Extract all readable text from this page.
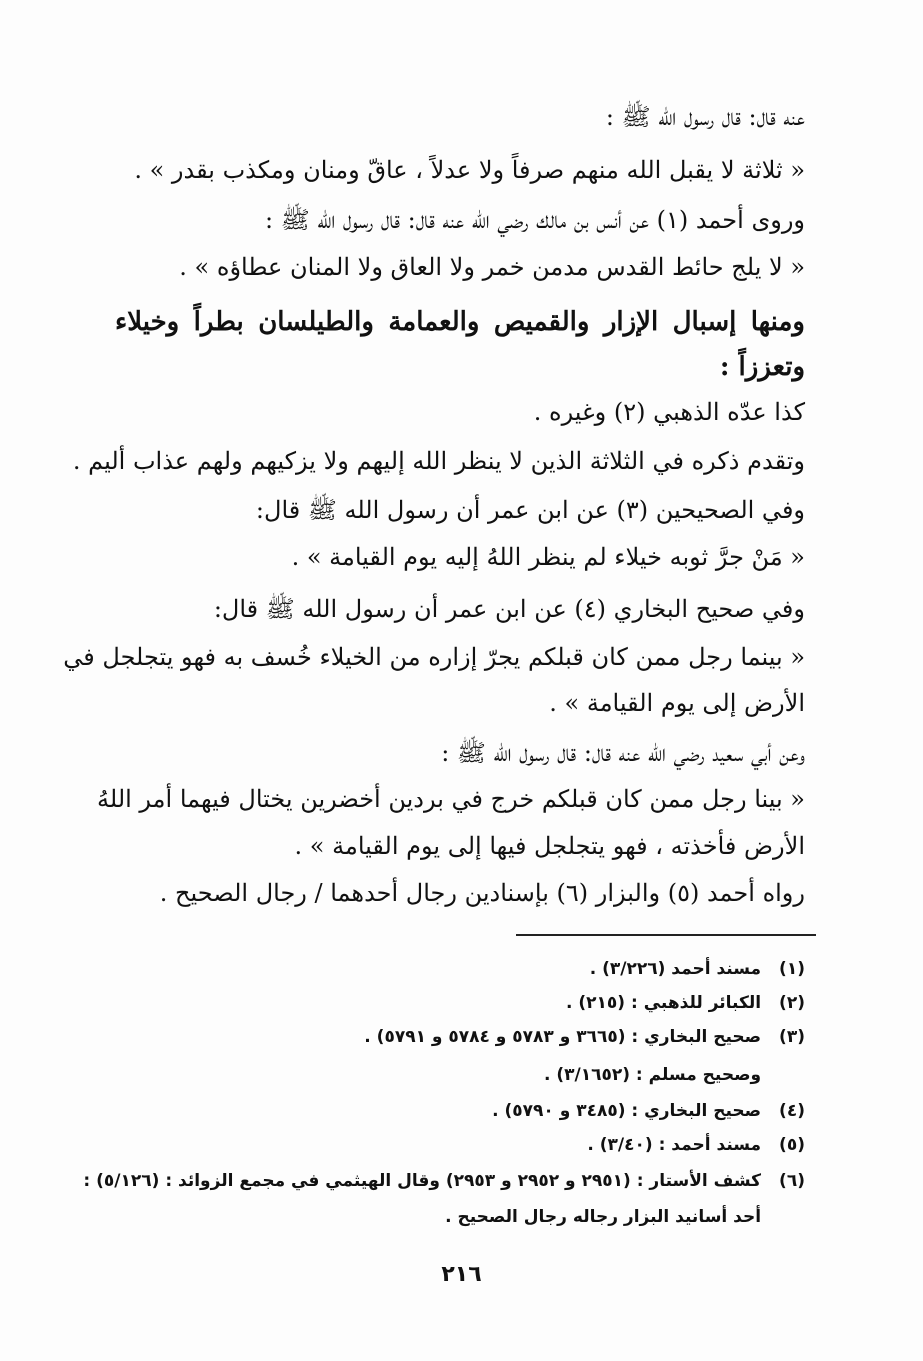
عنه قال: قال رسول الله ﷺ :
« ثلاثة لا يقبل الله منهم صرفاً ولا عدلاً ، عاقّ ومنان ومكذب بقدر » .
وروى أحمد (١) عن أنس بن مالك رضي الله عنه قال: قال رسول الله ﷺ :
« لا يلج حائط القدس مدمن خمر ولا العاق ولا المنان عطاؤه » .
ومنها إسبال الإزار والقميص والعمامة والطيلسان بطراً وخيلاء
وتعززاً :
كذا عدّه الذهبي (٢) وغيره .
وتقدم ذكره في الثلاثة الذين لا ينظر الله إليهم ولا يزكيهم ولهم عذاب أليم .
وفي الصحيحين (٣) عن ابن عمر أن رسول الله ﷺ قال:
« مَنْ جرَّ ثوبه خيلاء لم ينظر اللهُ إليه يوم القيامة » .
وفي صحيح البخاري (٤) عن ابن عمر أن رسول الله ﷺ قال:
« بينما رجل ممن كان قبلكم يجرّ إزاره من الخيلاء خُسف به فهو يتجلجل في
الأرض إلى يوم القيامة » .
وعن أبي سعيد رضي الله عنه قال: قال رسول الله ﷺ :
« بينا رجل ممن كان قبلكم خرج في بردين أخضرين يختال فيهما أمر اللهُ
الأرض فأخذته ، فهو يتجلجل فيها إلى يوم القيامة » .
رواه أحمد (٥) والبزار (٦) بإسنادين رجال أحدهما / رجال الصحيح .
(١) مسند أحمد (٣/٢٢٦) .
(٢) الكبائر للذهبي : (٢١٥) .
(٣) صحيح البخاري : (٣٦٦٥ و ٥٧٨٣ و ٥٧٨٤ و ٥٧٩١) .
وصحيح مسلم : (٣/١٦٥٢) .
(٤) صحيح البخاري : (٣٤٨٥ و ٥٧٩٠) .
(٥) مسند أحمد : (٣/٤٠) .
(٦) كشف الأستار : (٢٩٥١ و ٢٩٥٢ و ٢٩٥٣) وقال الهيثمي في مجمع الزوائد : (٥/١٢٦) :
أحد أسانيد البزار رجاله رجال الصحيح .
٢١٦
